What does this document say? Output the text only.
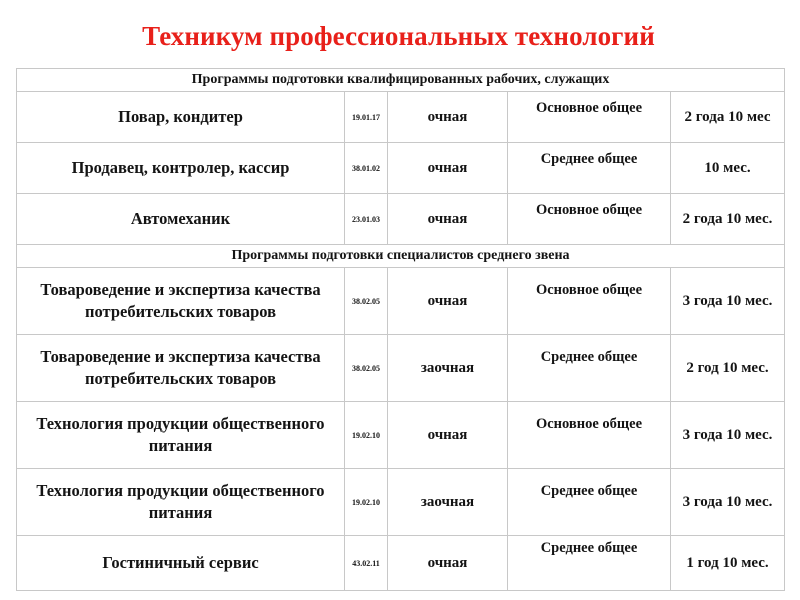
Техникум профессиональных технологий
Программы подготовки квалифицированных рабочих, служащих				
Повар, кондитер	19.01.17	очная	Основное общее	2 года 10 мес
Продавец, контролер, кассир	38.01.02	очная	Среднее общее	10 мес.
Автомеханик	23.01.03	очная	Основное общее	2 года 10 мес.
Программы подготовки специалистов среднего звена				
Товароведение и экспертиза качества потребительских товаров	38.02.05	очная	Основное общее	3 года 10 мес.
Товароведение и экспертиза качества потребительских товаров	38.02.05	заочная	Среднее общее	2 год 10 мес.
Технология продукции общественного питания	19.02.10	очная	Основное общее	3 года 10 мес.
Технология продукции общественного питания	19.02.10	заочная	Среднее общее	3 года 10 мес.
Гостиничный сервис	43.02.11	очная	Среднее общее	1 год 10 мес.
